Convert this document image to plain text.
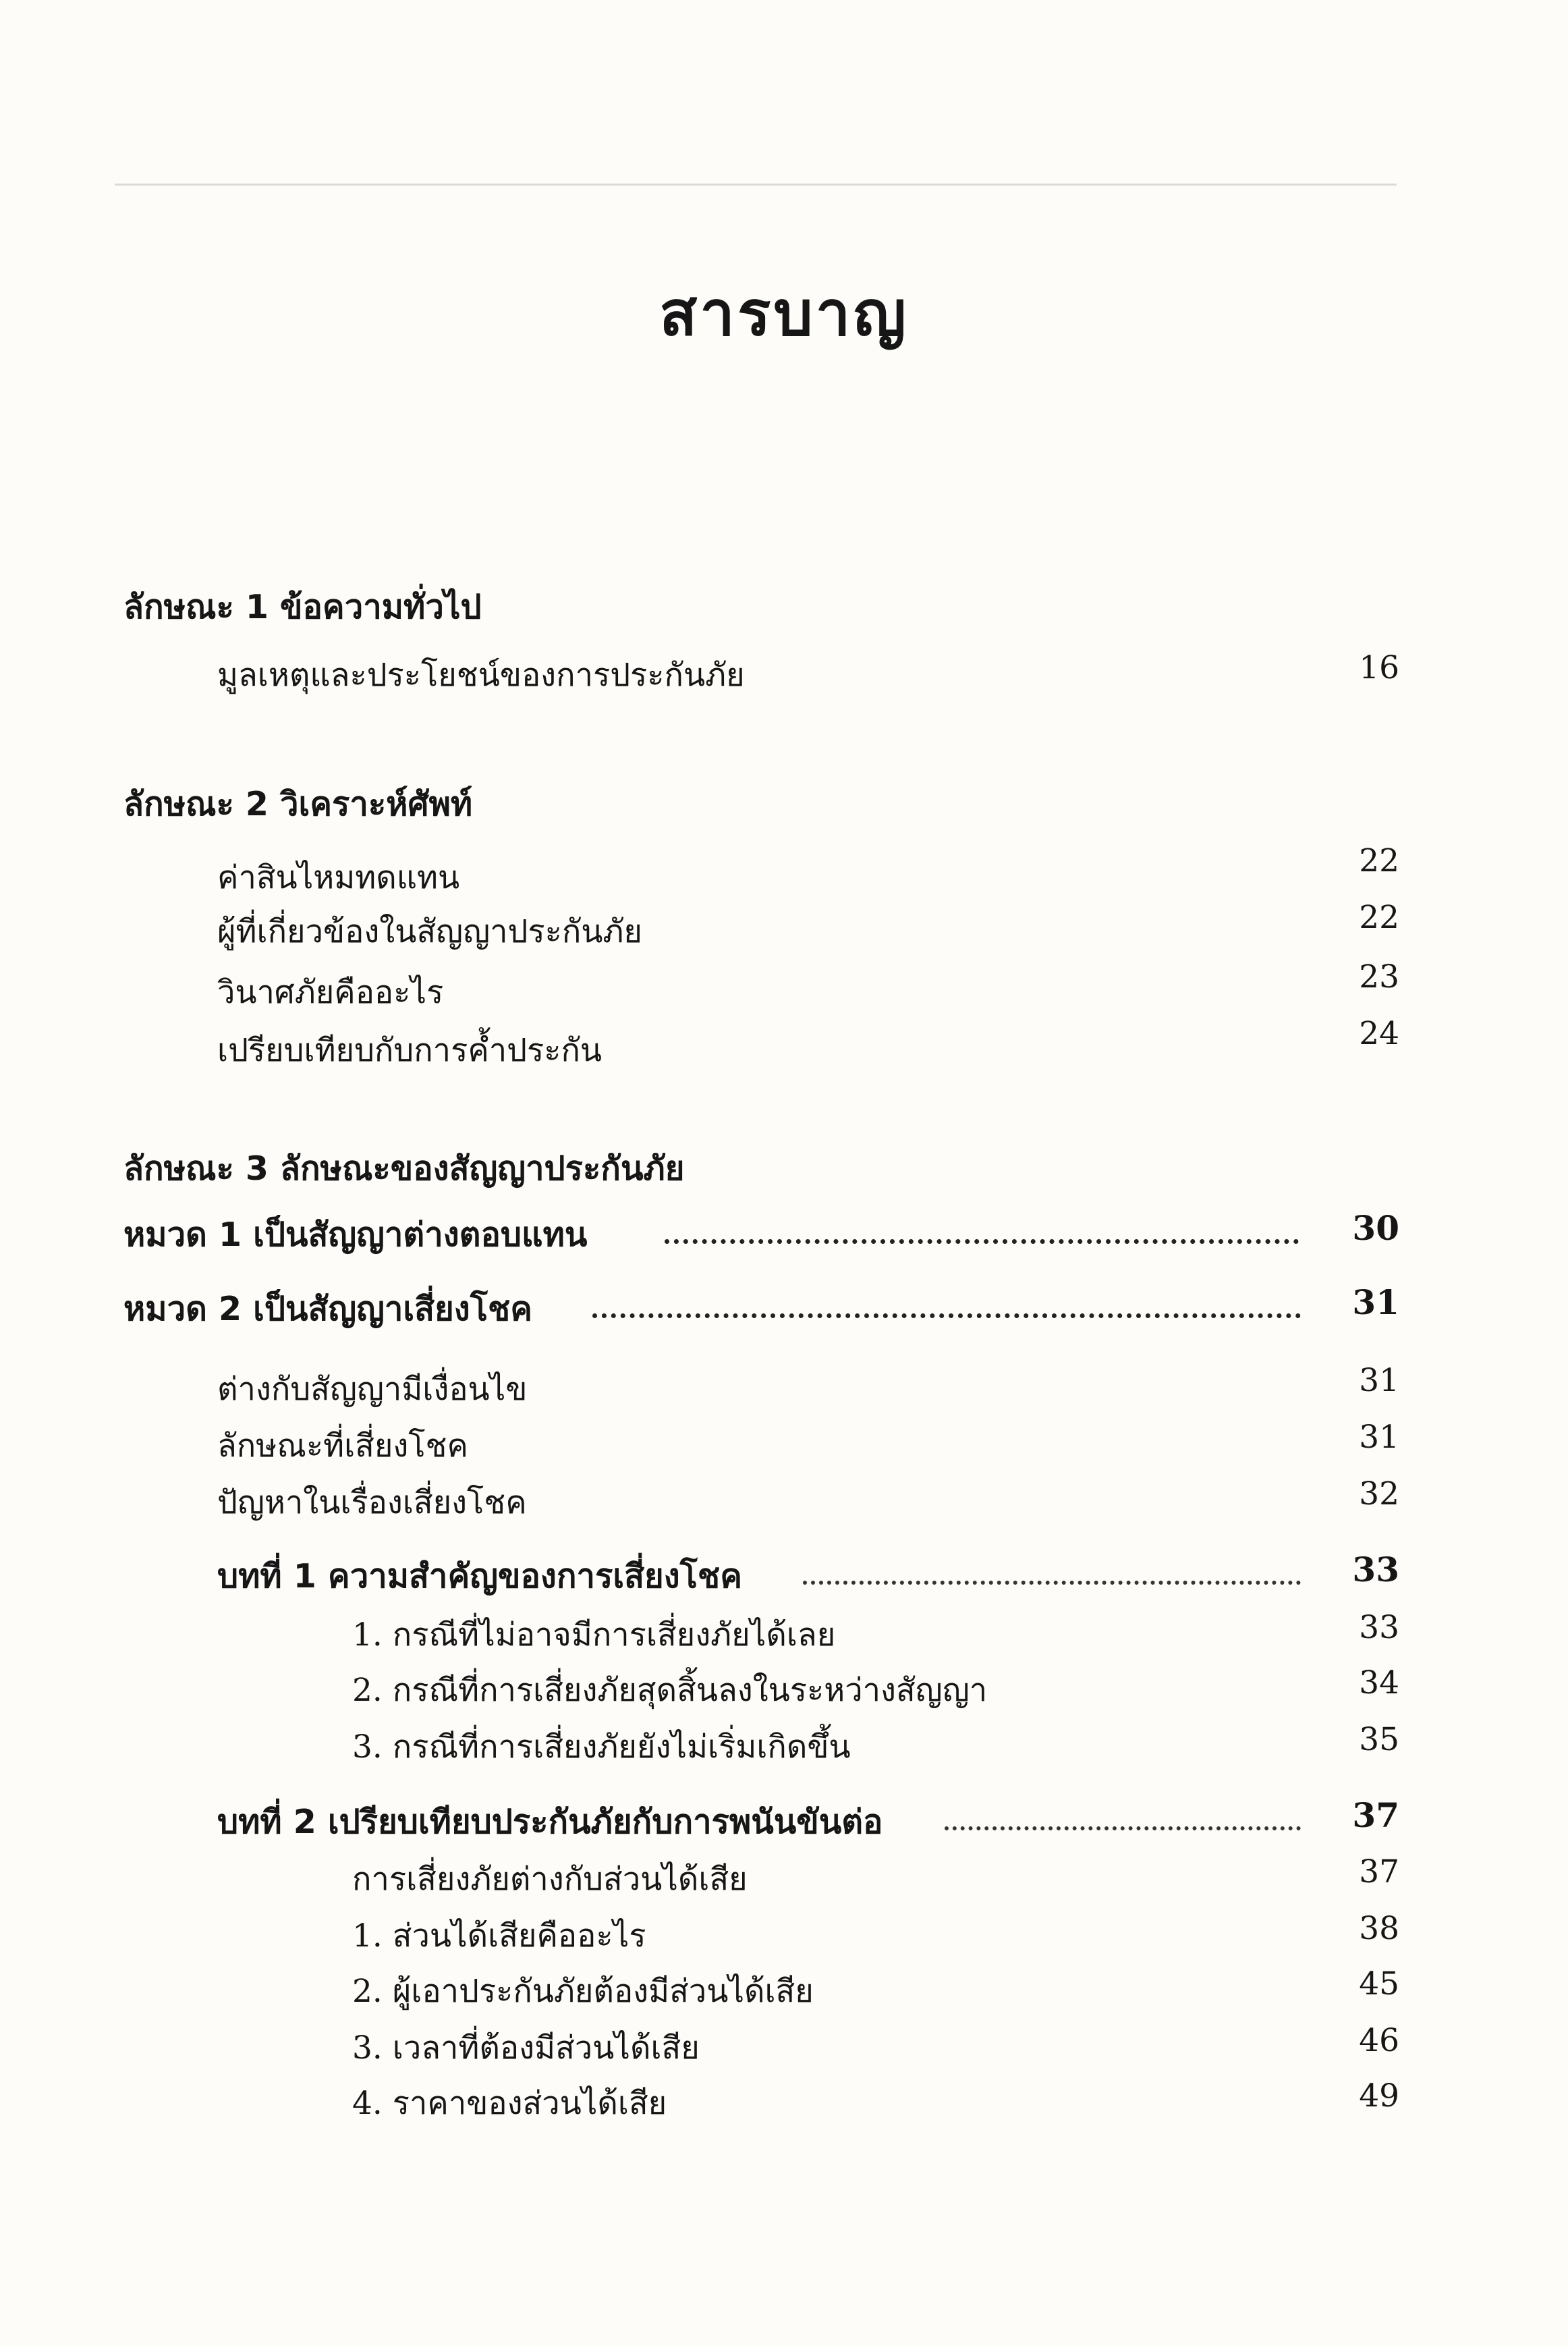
สารบาญ
ลักษณะ 1 ข้อความทั่วไป
มูลเหตุและประโยชน์ของการประกันภัย	16
ลักษณะ 2 วิเคราะห์ศัพท์
ค่าสินไหมทดแทน	22
ผู้ที่เกี่ยวข้องในสัญญาประกันภัย	22
วินาศภัยคืออะไร	23
เปรียบเทียบกับการค้ำประกัน	24
ลักษณะ 3 ลักษณะของสัญญาประกันภัย
หมวด 1 เป็นสัญญาต่างตอบแทน	30
หมวด 2 เป็นสัญญาเสี่ยงโชค	31
ต่างกับสัญญามีเงื่อนไข	31
ลักษณะที่เสี่ยงโชค	31
ปัญหาในเรื่องเสี่ยงโชค	32
บทที่ 1 ความสำคัญของการเสี่ยงโชค	33
1. กรณีที่ไม่อาจมีการเสี่ยงภัยได้เลย	33
2. กรณีที่การเสี่ยงภัยสุดสิ้นลงในระหว่างสัญญา	34
3. กรณีที่การเสี่ยงภัยยังไม่เริ่มเกิดขึ้น	35
บทที่ 2 เปรียบเทียบประกันภัยกับการพนันขันต่อ	37
การเสี่ยงภัยต่างกับส่วนได้เสีย	37
1. ส่วนได้เสียคืออะไร	38
2. ผู้เอาประกันภัยต้องมีส่วนได้เสีย	45
3. เวลาที่ต้องมีส่วนได้เสีย	46
4. ราคาของส่วนได้เสีย	49
